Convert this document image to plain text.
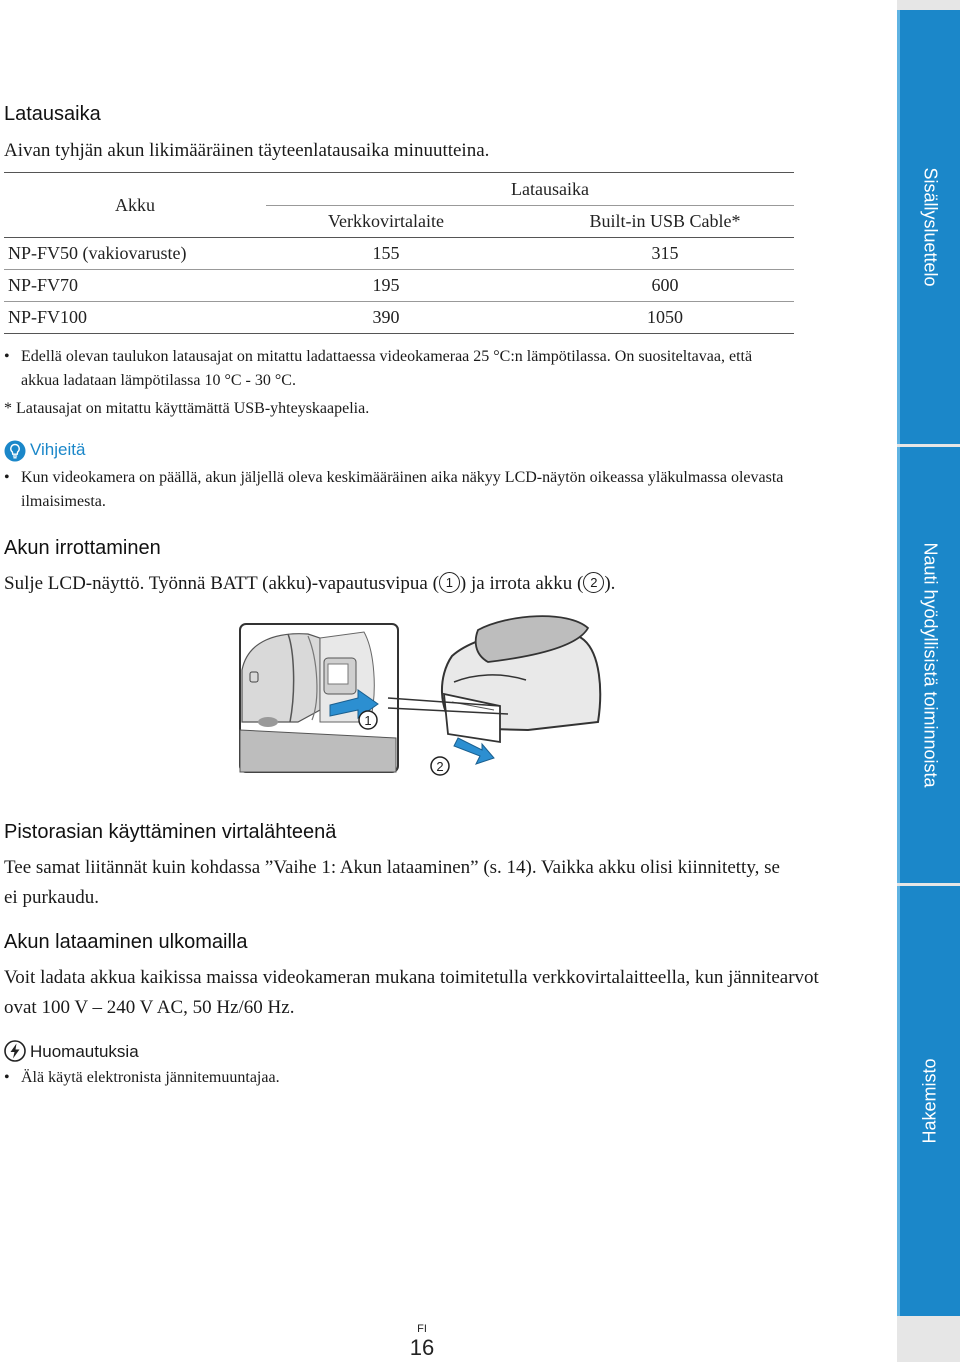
Latausaika
Aivan tyhjän akun likimääräinen täyteenlatausaika minuutteina.
Akku	Latausaika	
	Verkkovirtalaite	Built-in USB Cable*
NP-FV50 (vakiovaruste)	155	315
NP-FV70	195	600
NP-FV100	390	1050
• Edellä olevan taulukon latausajat on mitattu ladattaessa videokameraa 25 °C:n lämpötilassa. On suositeltavaa, että akkua ladataan lämpötilassa 10 °C - 30 °C.
* Latausajat on mitattu käyttämättä USB-yhteyskaapelia.
Vihjeitä
• Kun videokamera on päällä, akun jäljellä oleva keskimääräinen aika näkyy LCD-näytön oikeassa yläkulmassa olevasta ilmaisimesta.
Akun irrottaminen
Sulje LCD-näyttö. Työnnä BATT (akku)-vapautusvipua ( 1 ) ja irrota akku ( 2 ).
1
2
Pistorasian käyttäminen virtalähteenä
Tee samat liitännät kuin kohdassa ”Vaihe 1: Akun lataaminen” (s. 14). Vaikka akku olisi kiinnitetty, se ei purkaudu.
Akun lataaminen ulkomailla
Voit ladata akkua kaikissa maissa videokameran mukana toimitetulla verkkovirtalaitteella, kun jännitearvot ovat 100 V – 240 V AC, 50 Hz/60 Hz.
Huomautuksia
• Älä käytä elektronista jännitemuuntajaa.
Sisällysluettelo
Nauti hyödyllisistä toiminnoista
Hakemisto
FI
16
